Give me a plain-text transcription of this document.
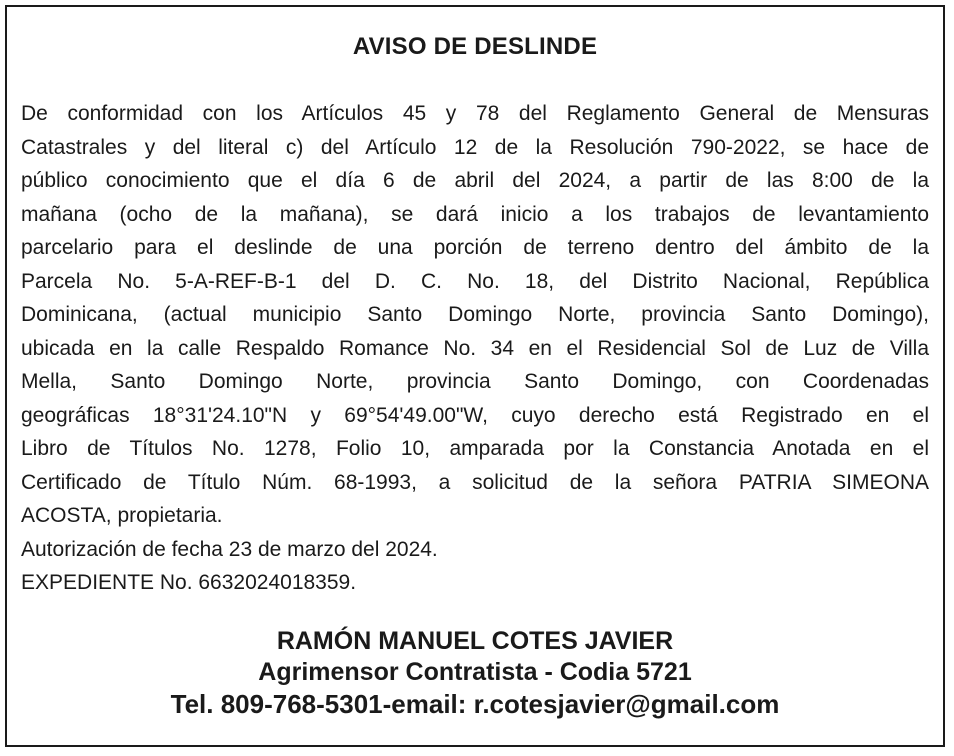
AVISO DE DESLINDE
De conformidad con los Artículos 45 y 78 del Reglamento General de Mensuras
Catastrales y del literal c) del Artículo 12 de la Resolución 790-2022, se hace de
público conocimiento que el día 6 de abril del 2024, a partir de las 8:00 de la
mañana (ocho de la mañana), se dará inicio a los trabajos de levantamiento
parcelario para el deslinde de una porción de terreno dentro del ámbito de la
Parcela No. 5-A-REF-B-1 del D. C. No. 18, del Distrito Nacional, República
Dominicana, (actual municipio Santo Domingo Norte, provincia Santo Domingo),
ubicada en la calle Respaldo Romance No. 34 en el Residencial Sol de Luz de Villa
Mella, Santo Domingo Norte, provincia Santo Domingo, con Coordenadas
geográficas 18°31'24.10"N y 69°54'49.00"W, cuyo derecho está Registrado en el
Libro de Títulos No. 1278, Folio 10, amparada por la Constancia Anotada en el
Certificado de Título Núm. 68-1993, a solicitud de la señora PATRIA SIMEONA
ACOSTA, propietaria.
Autorización de fecha 23 de marzo del 2024.
EXPEDIENTE No. 6632024018359.
RAMÓN MANUEL COTES JAVIER
Agrimensor Contratista - Codia 5721
Tel. 809-768-5301-email: r.cotesjavier@gmail.com
